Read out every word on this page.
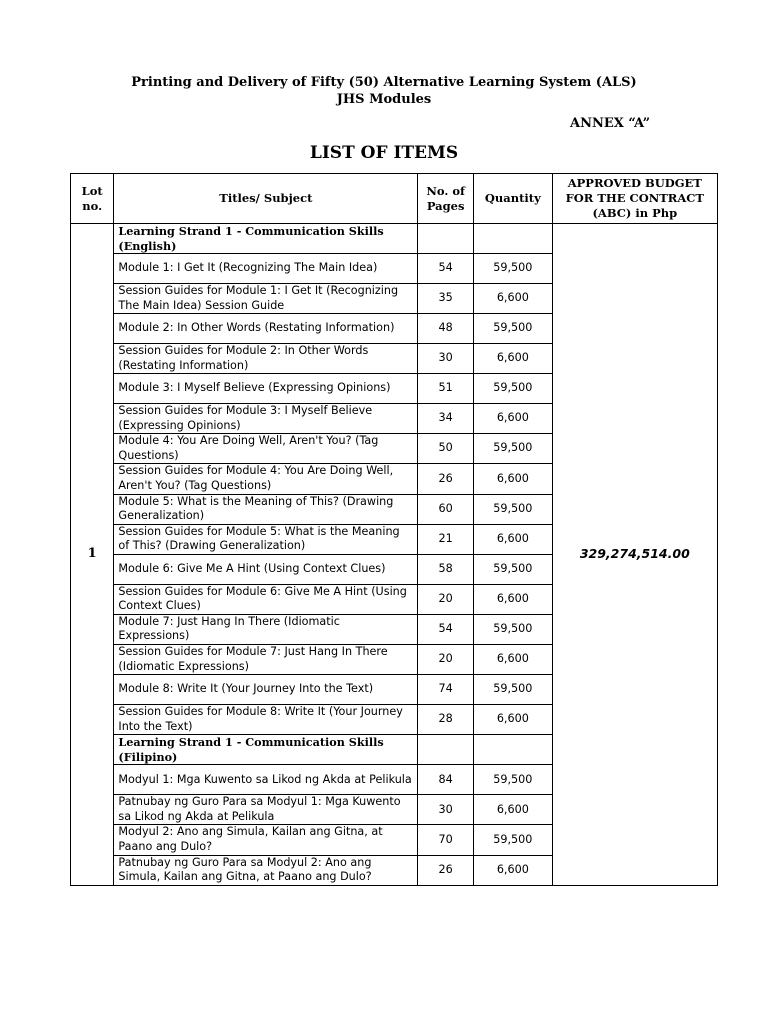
Printing and Delivery of Fifty (50) Alternative Learning System (ALS)
JHS Modules
ANNEX “A”
LIST OF ITEMS
Lot no.	Titles/ Subject	No. of Pages	Quantity	APPROVED BUDGET FOR THE CONTRACT (ABC) in Php
1	Learning Strand 1 - Communication Skills (English)			329,274,514.00
	Module 1: I Get It (Recognizing The Main Idea)	54	59,500	
	Session Guides for Module 1: I Get It (Recognizing The Main Idea) Session Guide	35	6,600	
	Module 2: In Other Words (Restating Information)	48	59,500	
	Session Guides for Module 2: In Other Words (Restating Information)	30	6,600	
	Module 3: I Myself Believe (Expressing Opinions)	51	59,500	
	Session Guides for Module 3: I Myself Believe (Expressing Opinions)	34	6,600	
	Module 4: You Are Doing Well, Aren't You? (Tag Questions)	50	59,500	
	Session Guides for Module 4: You Are Doing Well, Aren't You? (Tag Questions)	26	6,600	
	Module 5: What is the Meaning of This? (Drawing Generalization)	60	59,500	
	Session Guides for Module 5: What is the Meaning of This? (Drawing Generalization)	21	6,600	
	Module 6: Give Me A Hint (Using Context Clues)	58	59,500	
	Session Guides for Module 6: Give Me A Hint (Using Context Clues)	20	6,600	
	Module 7: Just Hang In There (Idiomatic Expressions)	54	59,500	
	Session Guides for Module 7: Just Hang In There (Idiomatic Expressions)	20	6,600	
	Module 8: Write It (Your Journey Into the Text)	74	59,500	
	Session Guides for Module 8: Write It (Your Journey Into the Text)	28	6,600	
	Learning Strand 1 - Communication Skills (Filipino)			
	Modyul 1: Mga Kuwento sa Likod ng Akda at Pelikula	84	59,500	
	Patnubay ng Guro Para sa Modyul 1: Mga Kuwento sa Likod ng Akda at Pelikula	30	6,600	
	Modyul 2: Ano ang Simula, Kailan ang Gitna, at Paano ang Dulo?	70	59,500	
	Patnubay ng Guro Para sa Modyul 2: Ano ang Simula, Kailan ang Gitna, at Paano ang Dulo?	26	6,600	
